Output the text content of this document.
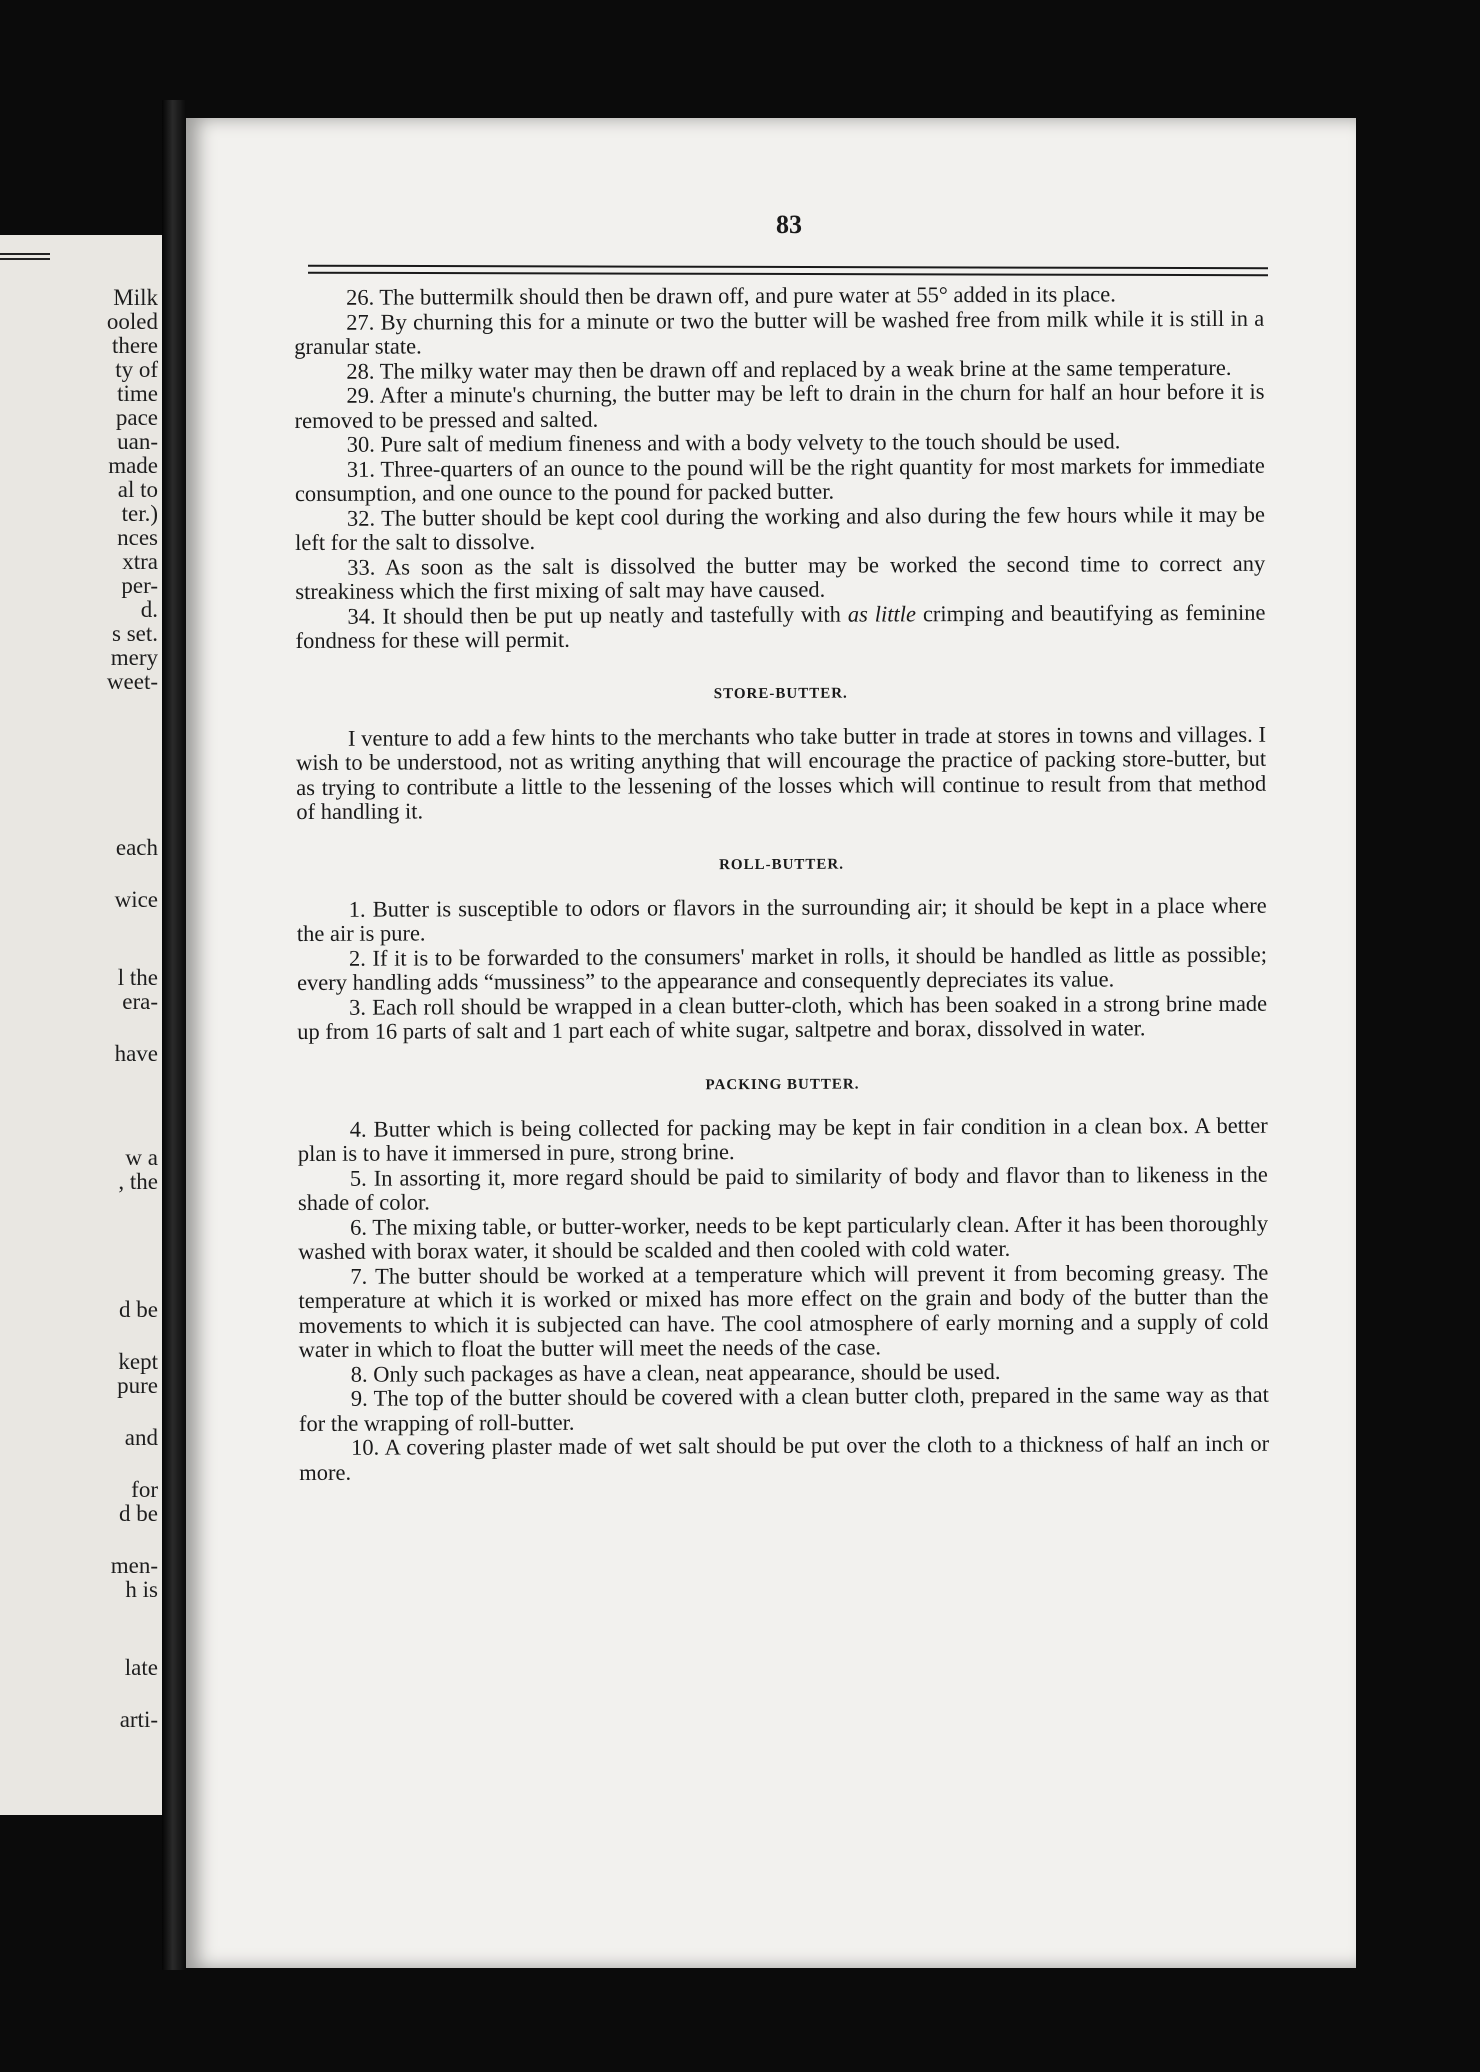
Milk
ooled
there
ty of
time
pace
uan-
made
al to
ter.)
nces
xtra
per-
d.
s set.
mery
weet-
each
wice
l the
era-
have
w a
, the
d be
kept
pure
and
for
d be
men-
h is
late
arti-
83

26. The buttermilk should then be drawn off, and pure water at 55° added in its place.

27. By churning this for a minute or two the butter will be washed free from milk while it is still in a granular state.

28. The milky water may then be drawn off and replaced by a weak brine at the same temperature.

29. After a minute's churning, the butter may be left to drain in the churn for half an hour before it is removed to be pressed and salted.

30. Pure salt of medium fineness and with a body velvety to the touch should be used.

31. Three-quarters of an ounce to the pound will be the right quantity for most markets for immediate consumption, and one ounce to the pound for packed butter.

32. The butter should be kept cool during the working and also during the few hours while it may be left for the salt to dissolve.

33. As soon as the salt is dissolved the butter may be worked the second time to correct any streakiness which the first mixing of salt may have caused.

34. It should then be put up neatly and tastefully with as little crimping and beautifying as feminine fondness for these will permit.

STORE-BUTTER.

I venture to add a few hints to the merchants who take butter in trade at stores in towns and villages. I wish to be understood, not as writing anything that will encourage the practice of packing store-butter, but as trying to contribute a little to the lessening of the losses which will continue to result from that method of handling it.

ROLL-BUTTER.

1. Butter is susceptible to odors or flavors in the surrounding air; it should be kept in a place where the air is pure.

2. If it is to be forwarded to the consumers' market in rolls, it should be handled as little as possible; every handling adds “mussiness” to the appearance and consequently depreciates its value.

3. Each roll should be wrapped in a clean butter-cloth, which has been soaked in a strong brine made up from 16 parts of salt and 1 part each of white sugar, saltpetre and borax, dissolved in water.

PACKING BUTTER.

4. Butter which is being collected for packing may be kept in fair condition in a clean box. A better plan is to have it immersed in pure, strong brine.

5. In assorting it, more regard should be paid to similarity of body and flavor than to likeness in the shade of color.

6. The mixing table, or butter-worker, needs to be kept particularly clean. After it has been thoroughly washed with borax water, it should be scalded and then cooled with cold water.

7. The butter should be worked at a temperature which will prevent it from becoming greasy. The temperature at which it is worked or mixed has more effect on the grain and body of the butter than the movements to which it is subjected can have. The cool atmosphere of early morning and a supply of cold water in which to float the butter will meet the needs of the case.

8. Only such packages as have a clean, neat appearance, should be used.

9. The top of the butter should be covered with a clean butter cloth, prepared in the same way as that for the wrapping of roll-butter.

10. A covering plaster made of wet salt should be put over the cloth to a thickness of half an inch or more.
